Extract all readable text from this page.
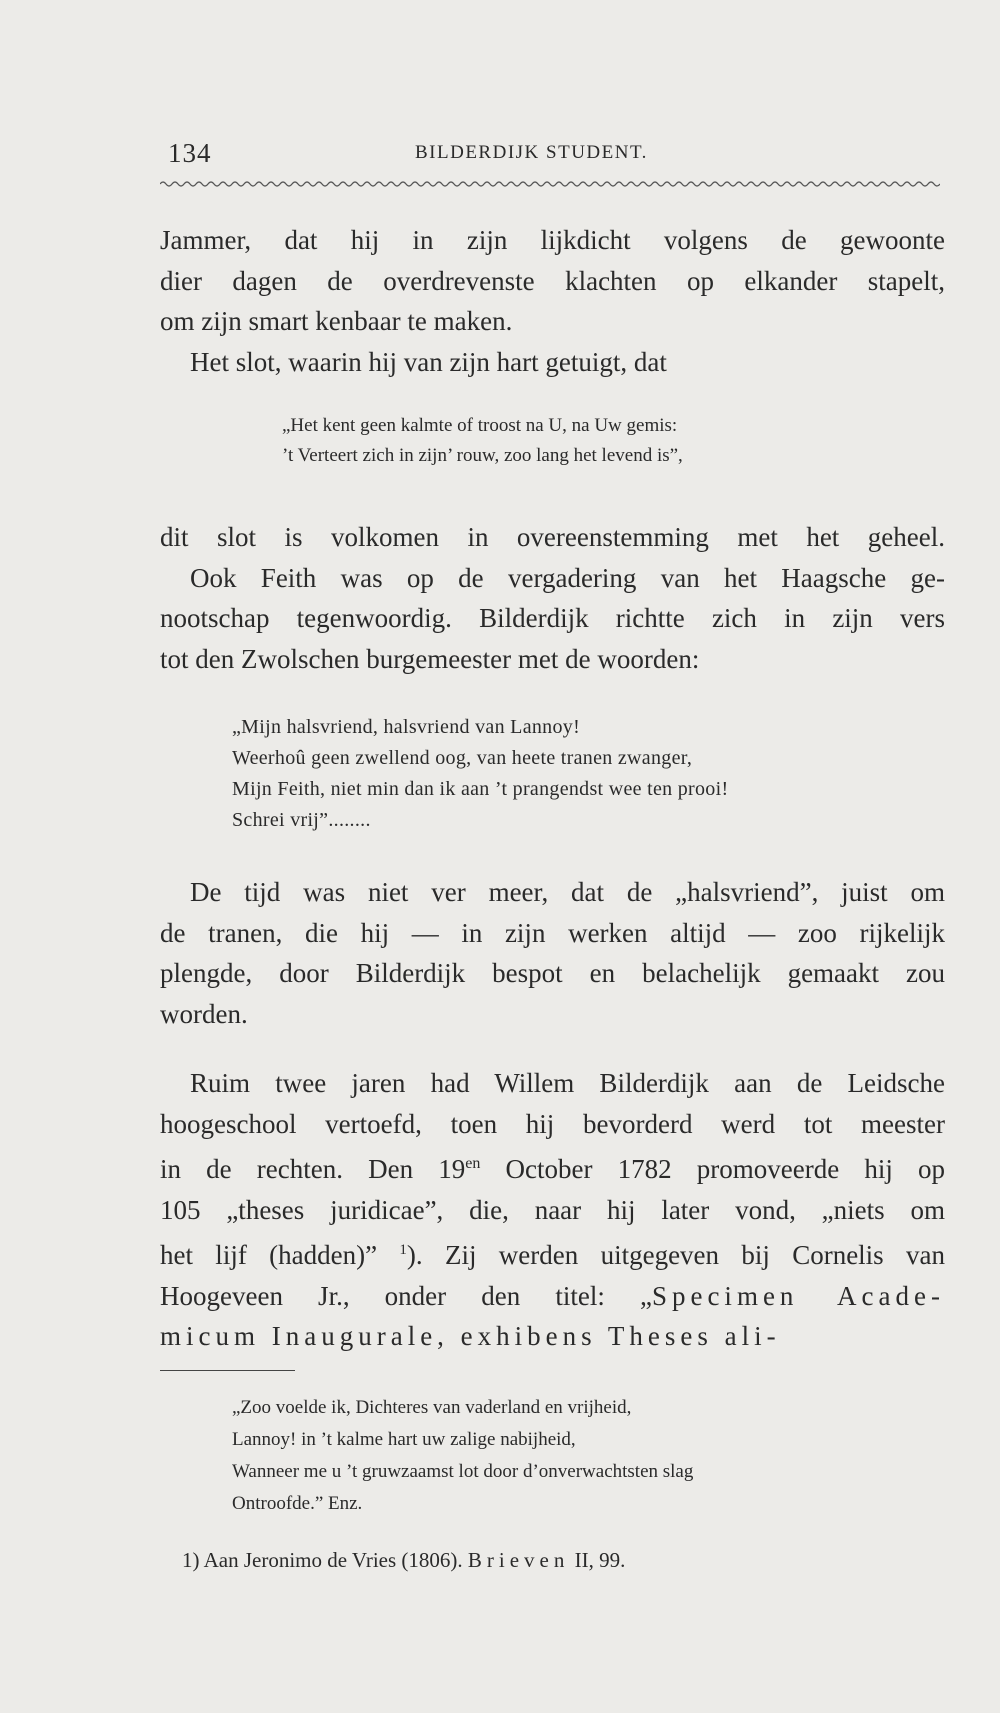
134	BILDERDIJK STUDENT.
Jammer, dat hij in zijn lijkdicht volgens de gewoonte
dier dagen de overdrevenste klachten op elkander stapelt,
om zijn smart kenbaar te maken.
Het slot, waarin hij van zijn hart getuigt, dat
„Het kent geen kalmte of troost na U, na Uw gemis:
’t Verteert zich in zijn’ rouw, zoo lang het levend is”,
dit slot is volkomen in overeenstemming met het geheel.
Ook Feith was op de vergadering van het Haagsche ge-
nootschap tegenwoordig. Bilderdijk richtte zich in zijn vers
tot den Zwolschen burgemeester met de woorden:
„Mijn halsvriend, halsvriend van Lannoy!
Weerhoû geen zwellend oog, van heete tranen zwanger,
Mijn Feith, niet min dan ik aan ’t prangendst wee ten prooi!
Schrei vrij”........
De tijd was niet ver meer, dat de „halsvriend”, juist om
de tranen, die hij — in zijn werken altijd — zoo rijkelijk
plengde, door Bilderdijk bespot en belachelijk gemaakt zou
worden.
Ruim twee jaren had Willem Bilderdijk aan de Leidsche
hoogeschool vertoefd, toen hij bevorderd werd tot meester
in de rechten. Den $19^{en}$ October 1782 promoveerde hij op
105 „theses juridicae”, die, naar hij later vond, „niets om
het lijf (hadden)” $^1$). Zij werden uitgegeven bij Cornelis van
Hoogeveen Jr., onder den titel: „Specimen Acade-
micum Inaugurale, exhibens Theses ali-
„Zoo voelde ik, Dichteres van vaderland en vrijheid,
Lannoy! in ’t kalme hart uw zalige nabijheid,
Wanneer me u ’t gruwzaamst lot door d’onverwachtsten slag
Ontroofde.” Enz.
1) Aan Jeronimo de Vries (1806). Brieven II, 99.
